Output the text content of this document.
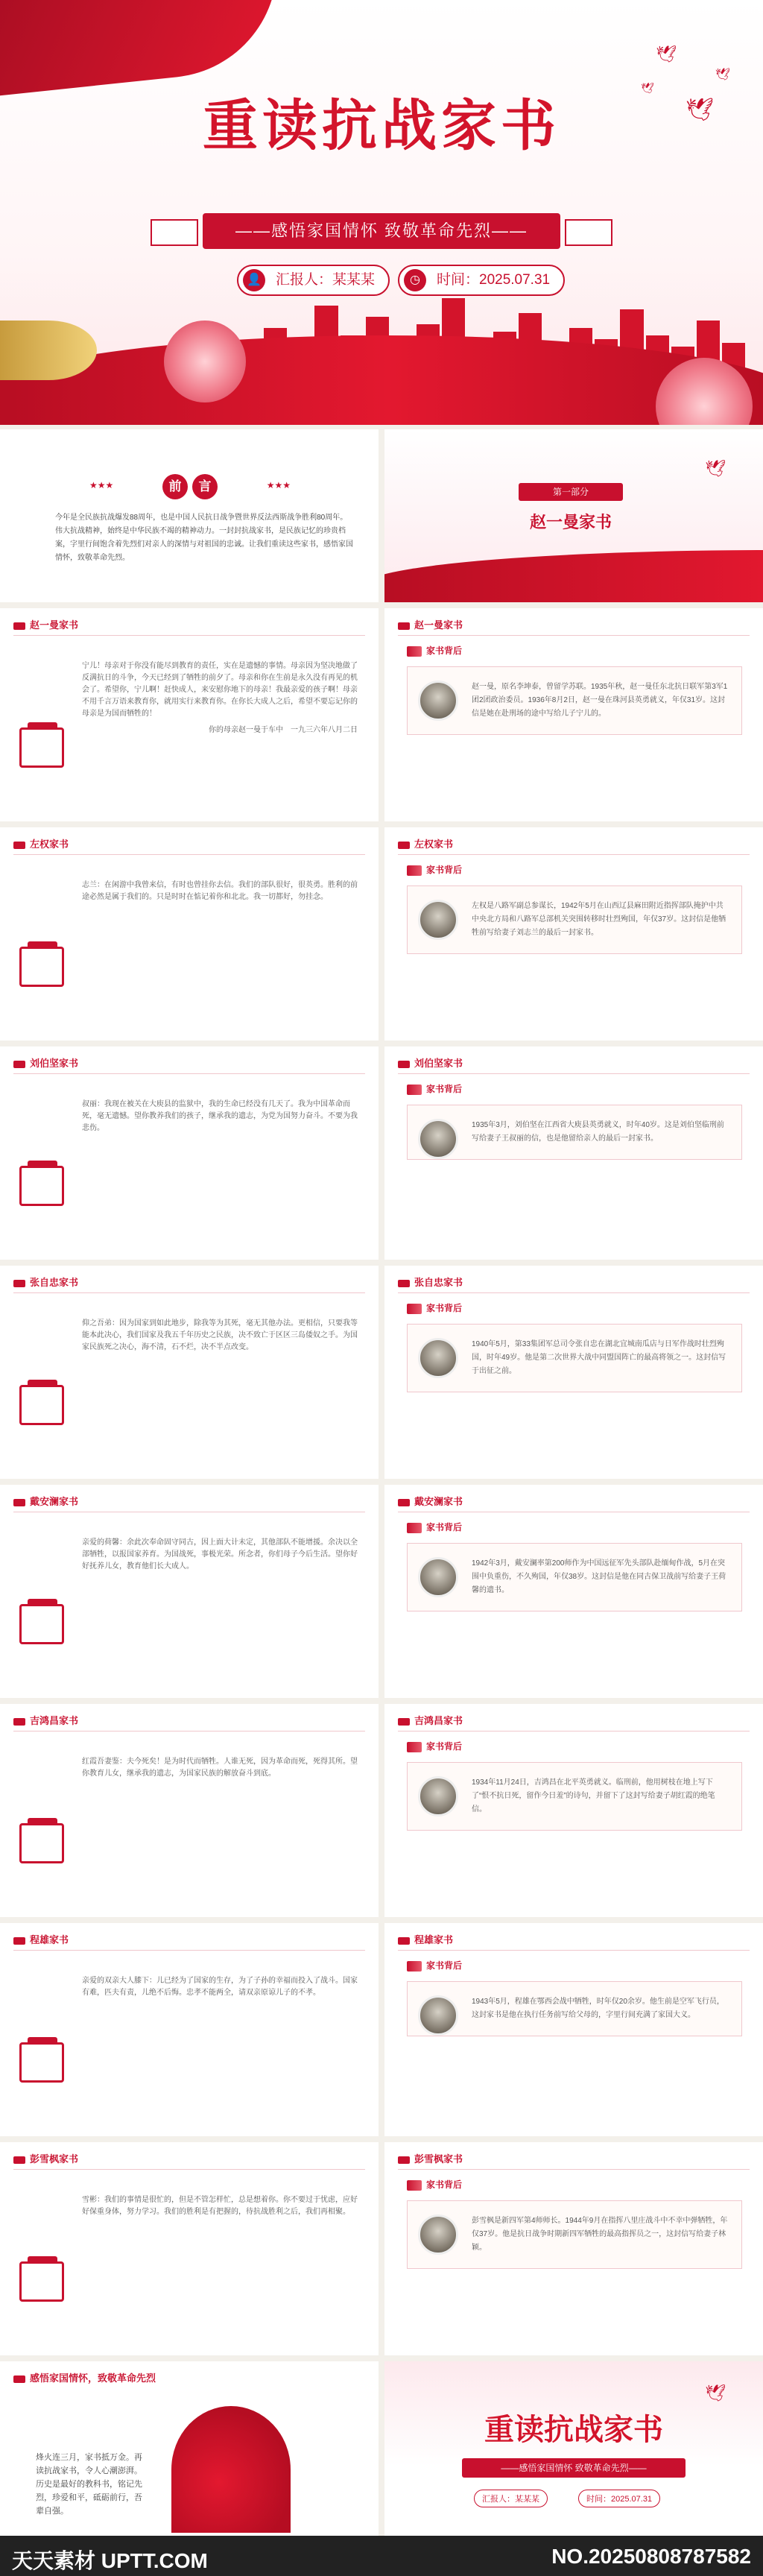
🕊
🕊
🕊
🕊
重读抗战家书
——感悟家国情怀 致敬革命先烈——
👤 汇报人：某某某	◷	时间：2025.07.31
★★★ 前 言 ★★★
今年是全民族抗战爆发88周年，也是中国人民抗日战争暨世界反法西斯战争胜利80周年。伟大抗战精神，始终是中华民族不竭的精神动力。一封封抗战家书，是民族记忆的珍贵档案，字里行间饱含着先烈们对亲人的深情与对祖国的忠诚。让我们重读这些家书，感悟家国情怀，致敬革命先烈。
🕊
第一部分
赵一曼家书
赵一曼家书
宁儿！母亲对于你没有能尽到教育的责任，实在是遗憾的事情。母亲因为坚决地做了反满抗日的斗争，今天已经到了牺牲的前夕了。母亲和你在生前是永久没有再见的机会了。希望你，宁儿啊！赶快成人，来安慰你地下的母亲！我最亲爱的孩子啊！母亲不用千言万语来教育你，就用实行来教育你。在你长大成人之后，希望不要忘记你的母亲是为国而牺牲的！
你的母亲赵一曼于车中　一九三六年八月二日
赵一曼家书
家书背后
赵一曼，原名李坤泰，曾留学苏联。1935年秋，赵一曼任东北抗日联军第3军1团2团政治委员。1936年8月2日，赵一曼在珠河县英勇就义，年仅31岁。这封信是她在赴刑场的途中写给儿子宁儿的。
左权家书
志兰：在闲游中我曾来信，有时也曾挂你去信。我们的部队很好，很英勇。胜利的前途必然是属于我们的。只是时时在惦记着你和北北。我一切都好，勿挂念。
左权家书
家书背后
左权是八路军副总参谋长，1942年5月在山西辽县麻田附近指挥部队掩护中共中央北方局和八路军总部机关突围转移时壮烈殉国，年仅37岁。这封信是他牺牲前写给妻子刘志兰的最后一封家书。
刘伯坚家书
叔丽：我现在被关在大庾县的监狱中，我的生命已经没有几天了。我为中国革命而死，毫无遗憾。望你教养我们的孩子，继承我的遗志，为党为国努力奋斗。不要为我悲伤。
刘伯坚家书
家书背后
1935年3月，刘伯坚在江西省大庾县英勇就义，时年40岁。这是刘伯坚临刑前写给妻子王叔丽的信，也是他留给亲人的最后一封家书。
张自忠家书
仰之吾弟：因为国家到如此地步，除我等为其死，毫无其他办法。更相信，只要我等能本此决心，我们国家及我五千年历史之民族，决不致亡于区区三岛倭奴之手。为国家民族死之决心，海不清，石不烂，决不半点改变。
张自忠家书
家书背后
1940年5月，第33集团军总司令张自忠在湖北宜城南瓜店与日军作战时壮烈殉国，时年49岁。他是第二次世界大战中同盟国阵亡的最高将领之一。这封信写于出征之前。
戴安澜家书
亲爱的荷馨：余此次奉命固守同古，因上面大计未定，其他部队不能增援。余决以全部牺牲，以报国家养育。为国战死，事极光荣。所念者，你们母子今后生活。望你好好抚养儿女，教育他们长大成人。
戴安澜家书
家书背后
1942年3月，戴安澜率第200师作为中国远征军先头部队赴缅甸作战，5月在突围中负重伤，不久殉国，年仅38岁。这封信是他在同古保卫战前写给妻子王荷馨的遗书。
吉鸿昌家书
红霞吾妻鉴：夫今死矣！是为时代而牺牲。人谁无死，因为革命而死，死得其所。望你教育儿女，继承我的遗志，为国家民族的解放奋斗到底。
吉鸿昌家书
家书背后
1934年11月24日，吉鸿昌在北平英勇就义。临刑前，他用树枝在地上写下了“恨不抗日死，留作今日羞”的诗句，并留下了这封写给妻子胡红霞的绝笔信。
程雄家书
亲爱的双亲大人膝下：儿已经为了国家的生存，为了子孙的幸福而投入了战斗。国家有难，匹夫有责，儿绝不后悔。忠孝不能两全，请双亲原谅儿子的不孝。
程雄家书
家书背后
1943年5月，程雄在鄂西会战中牺牲，时年仅20余岁。他生前是空军飞行员，这封家书是他在执行任务前写给父母的，字里行间充满了家国大义。
彭雪枫家书
雪彬：我们的事情是很忙的，但是不管怎样忙，总是想着你。你不要过于忧虑，应好好保重身体，努力学习。我们的胜利是有把握的，待抗战胜利之后，我们再相聚。
彭雪枫家书
家书背后
彭雪枫是新四军第4师师长。1944年9月在指挥八里庄战斗中不幸中弹牺牲，年仅37岁。他是抗日战争时期新四军牺牲的最高指挥员之一，这封信写给妻子林颖。
感悟家国情怀，致敬革命先烈
烽火连三月，家书抵万金。再读抗战家书，令人心潮澎湃。历史是最好的教科书，铭记先烈，珍爱和平，砥砺前行，吾辈自强。
🕊
重读抗战家书
——感悟家国情怀 致敬革命先烈——
汇报人：某某某	时间：2025.07.31
天天素材 UPTT.COM	NO.20250808787582
